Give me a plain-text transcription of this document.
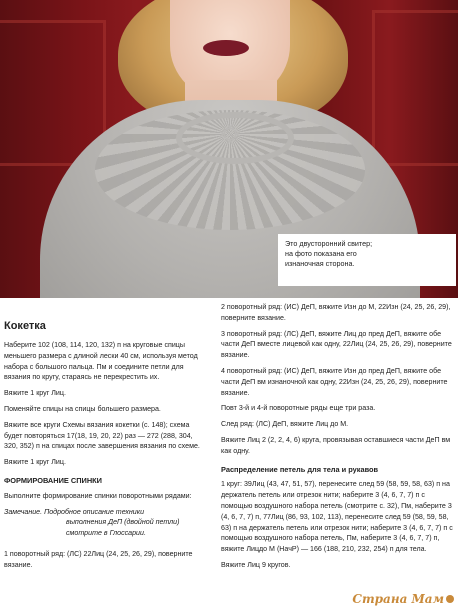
Это двусторонний свитер;
на фото показана его
изнаночная сторона.

Кокетка

Наберите 102 (108, 114, 120, 132) п на круговые спицы меньшего размера с длиной лески 40 см, используя метод набора с большого пальца. Пм и соедините петли для вязания по кругу, стараясь не перекрестить их.

Вяжите 1 круг Лиц.

Поменяйте спицы на спицы большего размера.

Вяжите все круги Схемы вязания кокетки (с. 148); схема будет повторяться 17(18, 19, 20, 22) раз — 272 (288, 304, 320, 352) п на спицах после завершения вязания по схеме.

Вяжите 1 круг Лиц.

ФОРМИРОВАНИЕ СПИНКИ

Выполните формирование спинки поворотными рядами:

Замечание. Подробное описание техники
выполнения ДеП (двойной петли)
смотрите в Глоссарии.

1 поворотный ряд: (ЛС) 22Лиц (24, 25, 26, 29), поверните вязание.

2 поворотный ряд: (ИС) ДеП, вяжите Изн до М, 22Изн (24, 25, 26, 29), поверните вязание.

3 поворотный ряд: (ЛС) ДеП, вяжите Лиц до пред ДеП, вяжите обе части ДеП вместе лицевой как одну, 22Лиц (24, 25, 26, 29), поверните вязание.

4 поворотный ряд: (ИС) ДеП, вяжите Изн до пред ДеП, вяжите обе части ДеП вм изнаночной как одну, 22Изн (24, 25, 26, 29), поверните вязание.

Повт 3-й и 4-й поворотные ряды еще три раза.

След ряд: (ЛС) ДеП, вяжите Лиц до М.

Вяжите Лиц 2 (2, 2, 4, 6) круга, провязывая оставшиеся части ДеП вм как одну.

Распределение петель для тела и рукавов

1 круг: 39Лиц (43, 47, 51, 57), перенесите след 59 (58, 59, 58, 63) п на держатель петель или отрезок нити; наберите 3 (4, 6, 7, 7) п с помощью воздушного набора петель (смотрите с. 32), Пм, наберите 3 (4, 6, 7, 7) п, 77Лиц (86, 93, 102, 113), перенесите след 59 (58, 59, 58, 63) п на держатель петель или отрезок нити; наберите 3 (4, 6, 7, 7) п с помощью воздушного набора петель, Пм, наберите 3 (4, 6, 7, 7) п, вяжите Лицдо М (НачР) — 166 (188, 210, 232, 254) п для тела.

Вяжите Лиц 9 кругов.

Страна Мам
